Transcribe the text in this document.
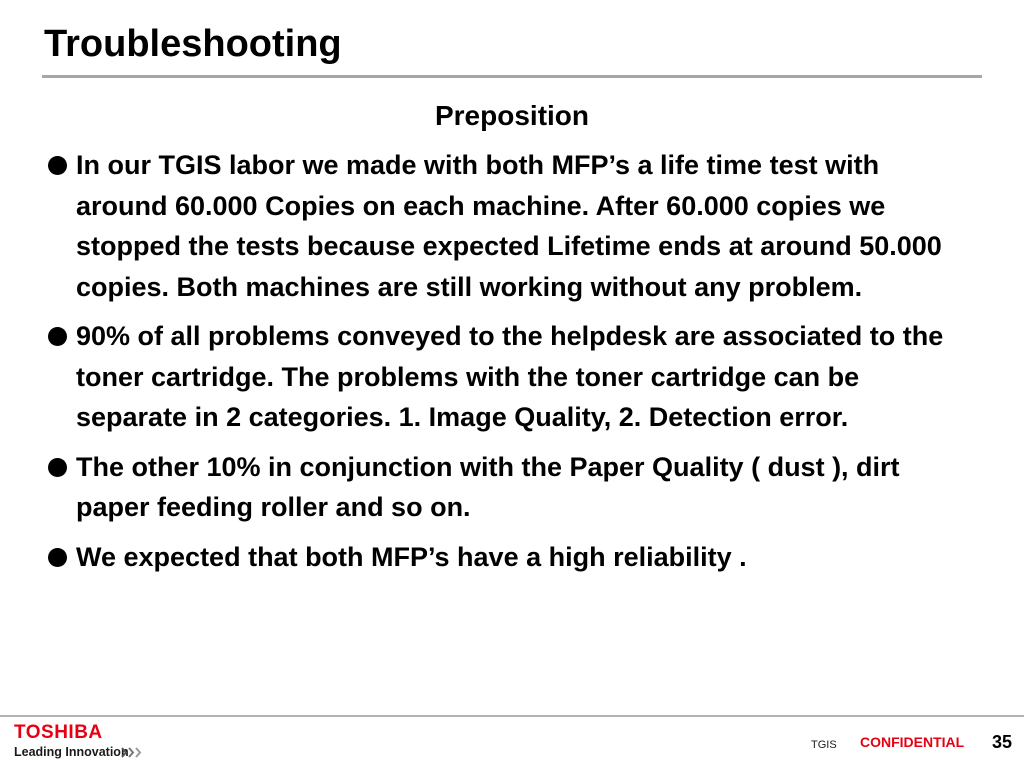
Troubleshooting

Preposition

In our TGIS labor we made with both MFP’s a life time test with around 60.000 Copies on each machine. After 60.000 copies we stopped the tests because expected Lifetime ends at around 50.000 copies. Both machines are still working without any problem.
90% of all problems conveyed to the helpdesk are associated to the toner cartridge. The problems with the toner cartridge can be separate in 2 categories. 1. Image Quality, 2. Detection error.
The other 10% in conjunction with the Paper Quality ( dust ), dirt paper feeding roller and so on.
We expected that both MFP’s have a high reliability .
TOSHIBA
Leading Innovation	TGIS CONFIDENTIAL 35
